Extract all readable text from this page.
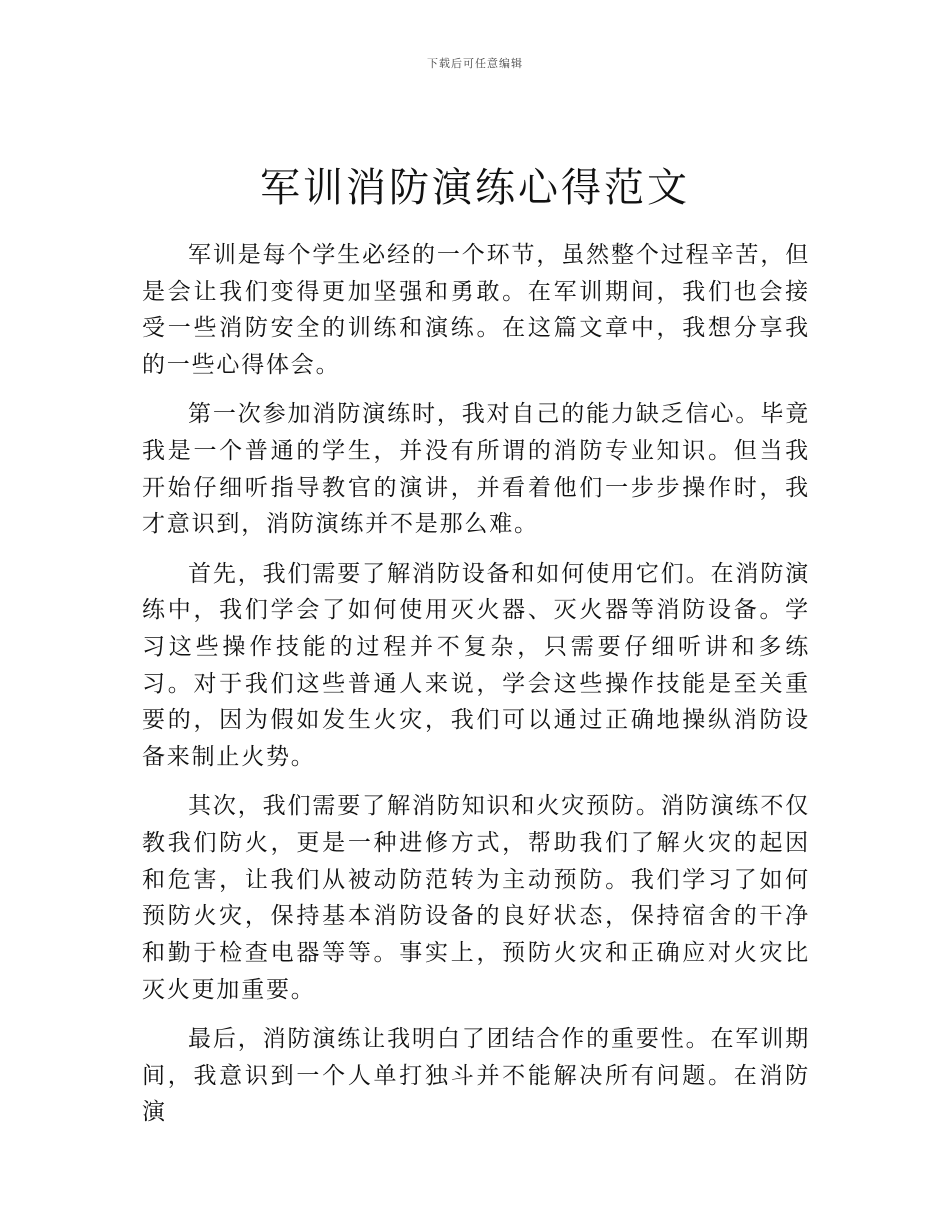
下载后可任意编辑
军训消防演练心得范文

军训是每个学生必经的一个环节，虽然整个过程辛苦，但是会让我们变得更加坚强和勇敢。在军训期间，我们也会接受一些消防安全的训练和演练。在这篇文章中，我想分享我的一些心得体会。

第一次参加消防演练时，我对自己的能力缺乏信心。毕竟我是一个普通的学生，并没有所谓的消防专业知识。但当我开始仔细听指导教官的演讲，并看着他们一步步操作时，我才意识到，消防演练并不是那么难。

首先，我们需要了解消防设备和如何使用它们。在消防演练中，我们学会了如何使用灭火器、灭火器等消防设备。学习这些操作技能的过程并不复杂，只需要仔细听讲和多练习。对于我们这些普通人来说，学会这些操作技能是至关重要的，因为假如发生火灾，我们可以通过正确地操纵消防设备来制止火势。

其次，我们需要了解消防知识和火灾预防。消防演练不仅教我们防火，更是一种进修方式，帮助我们了解火灾的起因和危害，让我们从被动防范转为主动预防。我们学习了如何预防火灾，保持基本消防设备的良好状态，保持宿舍的干净和勤于检查电器等等。事实上，预防火灾和正确应对火灾比灭火更加重要。

最后，消防演练让我明白了团结合作的重要性。在军训期间，我意识到一个人单打独斗并不能解决所有问题。在消防演
